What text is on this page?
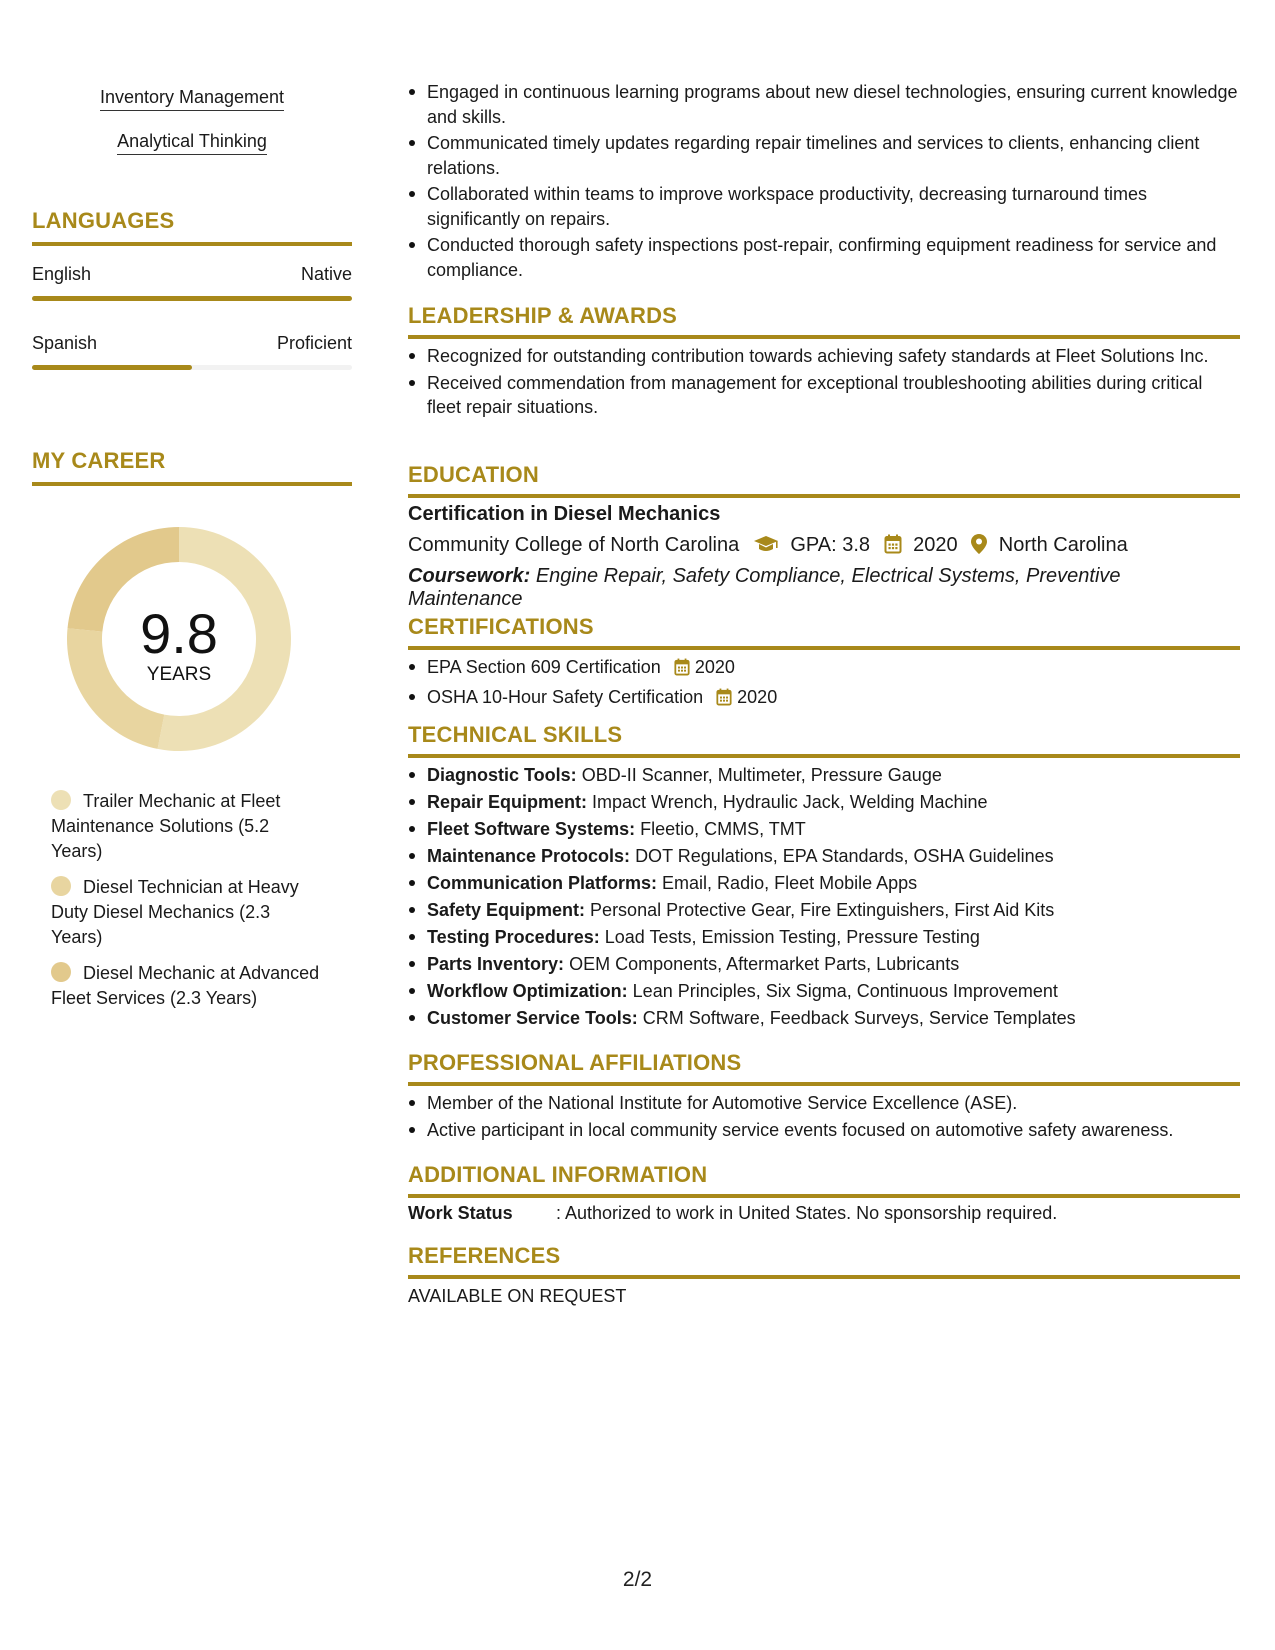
Inventory Management
Analytical Thinking
LANGUAGES
English	Native
Spanish	Proficient
MY CAREER
9.8
YEARS
Trailer Mechanic at Fleet Maintenance Solutions (5.2 Years)
Diesel Technician at Heavy Duty Diesel Mechanics (2.3 Years)
Diesel Mechanic at Advanced Fleet Services (2.3 Years)
Engaged in continuous learning programs about new diesel technologies, ensuring current knowledge and skills.
Communicated timely updates regarding repair timelines and services to clients, enhancing client relations.
Collaborated within teams to improve workspace productivity, decreasing turnaround times significantly on repairs.
Conducted thorough safety inspections post-repair, confirming equipment readiness for service and compliance.
LEADERSHIP & AWARDS
Recognized for outstanding contribution towards achieving safety standards at Fleet Solutions Inc.
Received commendation from management for exceptional troubleshooting abilities during critical fleet repair situations.
EDUCATION
Certification in Diesel Mechanics
Community College of North Carolina	GPA: 3.8 2020 North Carolina
Coursework: Engine Repair, Safety Compliance, Electrical Systems, Preventive Maintenance
CERTIFICATIONS
EPA Section 609 Certification 2020
OSHA 10-Hour Safety Certification 2020
TECHNICAL SKILLS
Diagnostic Tools: OBD-II Scanner, Multimeter, Pressure Gauge
Repair Equipment: Impact Wrench, Hydraulic Jack, Welding Machine
Fleet Software Systems: Fleetio, CMMS, TMT
Maintenance Protocols: DOT Regulations, EPA Standards, OSHA Guidelines
Communication Platforms: Email, Radio, Fleet Mobile Apps
Safety Equipment: Personal Protective Gear, Fire Extinguishers, First Aid Kits
Testing Procedures: Load Tests, Emission Testing, Pressure Testing
Parts Inventory: OEM Components, Aftermarket Parts, Lubricants
Workflow Optimization: Lean Principles, Six Sigma, Continuous Improvement
Customer Service Tools: CRM Software, Feedback Surveys, Service Templates
PROFESSIONAL AFFILIATIONS
Member of the National Institute for Automotive Service Excellence (ASE).
Active participant in local community service events focused on automotive safety awareness.
ADDITIONAL INFORMATION
Work Status : Authorized to work in United States. No sponsorship required.
REFERENCES
AVAILABLE ON REQUEST
2/2
